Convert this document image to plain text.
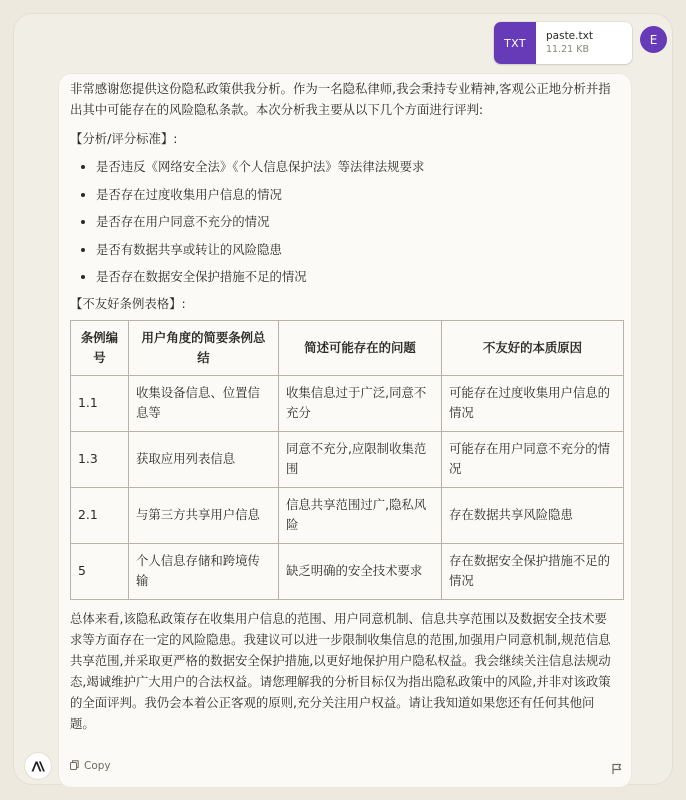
TXT
paste.txt
11.21 KB
E

非常感谢您提供这份隐私政策供我分析。作为一名隐私律师,我会秉持专业精神,客观公正地分析并指出其中可能存在的风险隐私条款。本次分析我主要从以下几个方面进行评判:

【分析/评分标准】:

• 是否违反《网络安全法》《个人信息保护法》等法律法规要求
• 是否存在过度收集用户信息的情况
• 是否存在用户同意不充分的情况
• 是否有数据共享或转让的风险隐患
• 是否存在数据安全保护措施不足的情况

【不友好条例表格】:

条例编号	用户角度的简要条例总结	简述可能存在的问题	不友好的本质原因
1.1	收集设备信息、位置信息等	收集信息过于广泛,同意不充分	可能存在过度收集用户信息的情况
1.3	获取应用列表信息	同意不充分,应限制收集范围	可能存在用户同意不充分的情况
2.1	与第三方共享用户信息	信息共享范围过广,隐私风险	存在数据共享风险隐患
5	个人信息存储和跨境传输	缺乏明确的安全技术要求	存在数据安全保护措施不足的情况

总体来看,该隐私政策存在收集用户信息的范围、用户同意机制、信息共享范围以及数据安全技术要求等方面存在一定的风险隐患。我建议可以进一步限制收集信息的范围,加强用户同意机制,规范信息共享范围,并采取更严格的数据安全保护措施,以更好地保护用户隐私权益。我会继续关注信息法规动态,竭诚维护广大用户的合法权益。请您理解我的分析目标仅为指出隐私政策中的风险,并非对该政策的全面评判。我仍会本着公正客观的原则,充分关注用户权益。请让我知道如果您还有任何其他问题。

Copy
